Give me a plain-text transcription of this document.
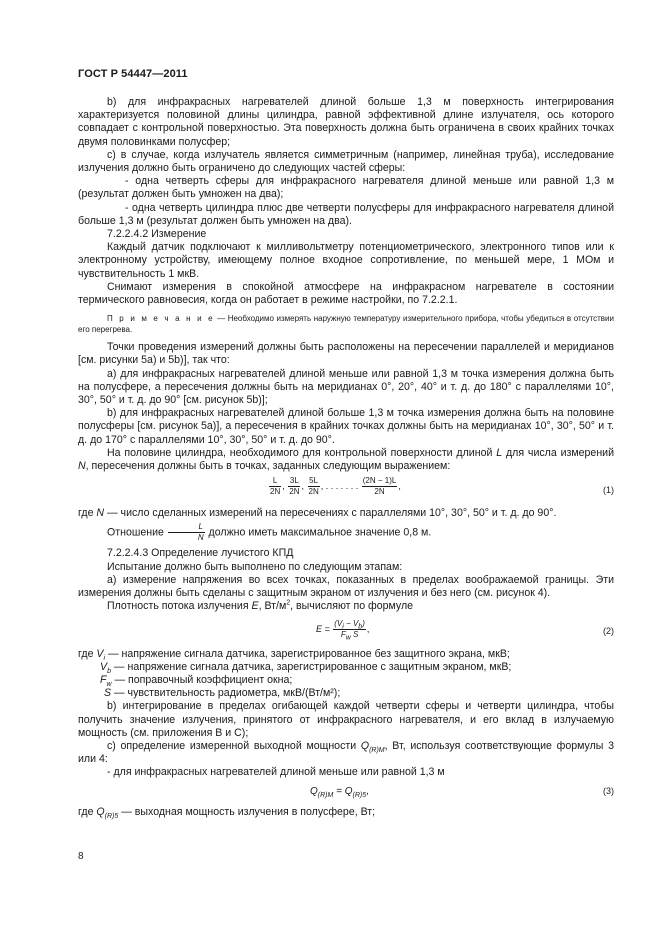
ГОСТ Р 54447—2011

b) для инфракрасных нагревателей длиной больше 1,3 м поверхность интегрирования характеризуется половиной длины цилиндра, равной эффективной длине излучателя, ось которого совпадает с контрольной поверхностью. Эта поверхность должна быть ограничена в своих крайних точках двумя половинками полусфер;

c) в случае, когда излучатель является симметричным (например, линейная труба), исследование излучения должно быть ограничено до следующих частей сферы:

- одна четверть сферы для инфракрасного нагревателя длиной меньше или равной 1,3 м (результат должен быть умножен на два);

- одна четверть цилиндра плюс две четверти полусферы для инфракрасного нагревателя длиной больше 1,3 м (результат должен быть умножен на два).

7.2.2.4.2 Измерение

Каждый датчик подключают к милливольтметру потенциометрического, электронного типов или к электронному устройству, имеющему полное входное сопротивление, по меньшей мере, 1 МОм и чувствительность 1 мкВ.

Снимают измерения в спокойной атмосфере на инфракрасном нагревателе в состоянии термического равновесия, когда он работает в режиме настройки, по 7.2.2.1.

П р и м е ч а н и е — Необходимо измерять наружную температуру измерительного прибора, чтобы убедиться в отсутствии его перегрева.

Точки проведения измерений должны быть расположены на пересечении параллелей и меридианов [см. рисунки 5a) и 5b)], так что:

а) для инфракрасных нагревателей длиной меньше или равной 1,3 м точка измерения должна быть на полусфере, а пересечения должны быть на меридианах 0°, 20°, 40° и т. д. до 180° с параллелями 10°, 30°, 50° и т. д. до 90° [см. рисунок 5b)];

b) для инфракрасных нагревателей длиной больше 1,3 м точка измерения должна быть на половине полусферы [см. рисунок 5a)], а пересечения в крайних точках должны быть на меридианах 10°, 30°, 50° и т. д. до 170° с параллелями 10°, 30°, 50° и т. д. до 90°.

На половине цилиндра, необходимого для контрольной поверхности длиной L для числа измерений N, пересечения должны быть в точках, заданных следующим выражением:

$\frac{L}{2N}$ , $\frac{3L}{2N}$ , $\frac{5L}{2N}$ , . . . . . . . $\frac{(2N - 1)L}{2N}$ ,	(1)

где N — число сделанных измерений на пересечениях с параллелями 10°, 30°, 50° и т. д. до 90°.

Отношение $\frac{L}{N}$ должно иметь максимальное значение 0,8 м.

7.2.2.4.3 Определение лучистого КПД

Испытание должно быть выполнено по следующим этапам:

а) измерение напряжения во всех точках, показанных в пределах воображаемой границы. Эти измерения должны быть сделаны с защитным экраном от излучения и без него (см. рисунок 4).

Плотность потока излучения E, $Вт/м^2$, вычисляют по формуле

$E = \frac{(V_i - V_b)}{F_w S}$ ,	(2)

где $V_i$ — напряжение сигнала датчика, зарегистрированное без защитного экрана, мкВ;

$V_b$ — напряжение сигнала датчика, зарегистрированное с защитным экраном, мкВ;

$F_w$ — поправочный коэффициент окна;

S — чувствительность радиометра, мкВ/(Вт/м²);

b) интегрирование в пределах огибающей каждой четверти сферы и четверти цилиндра, чтобы получить значение излучения, принятого от инфракрасного нагревателя, и его вклад в излучаемую мощность (см. приложения B и C);

c) определение измеренной выходной мощности $Q_{(R)M}$, Вт, используя соответствующие формулы 3 или 4:

- для инфракрасных нагревателей длиной меньше или равной 1,3 м

$Q_{(R)M} = Q_{(R)5}$,	(3)

где $Q_{(R)5}$ — выходная мощность излучения в полусфере, Вт;

8
